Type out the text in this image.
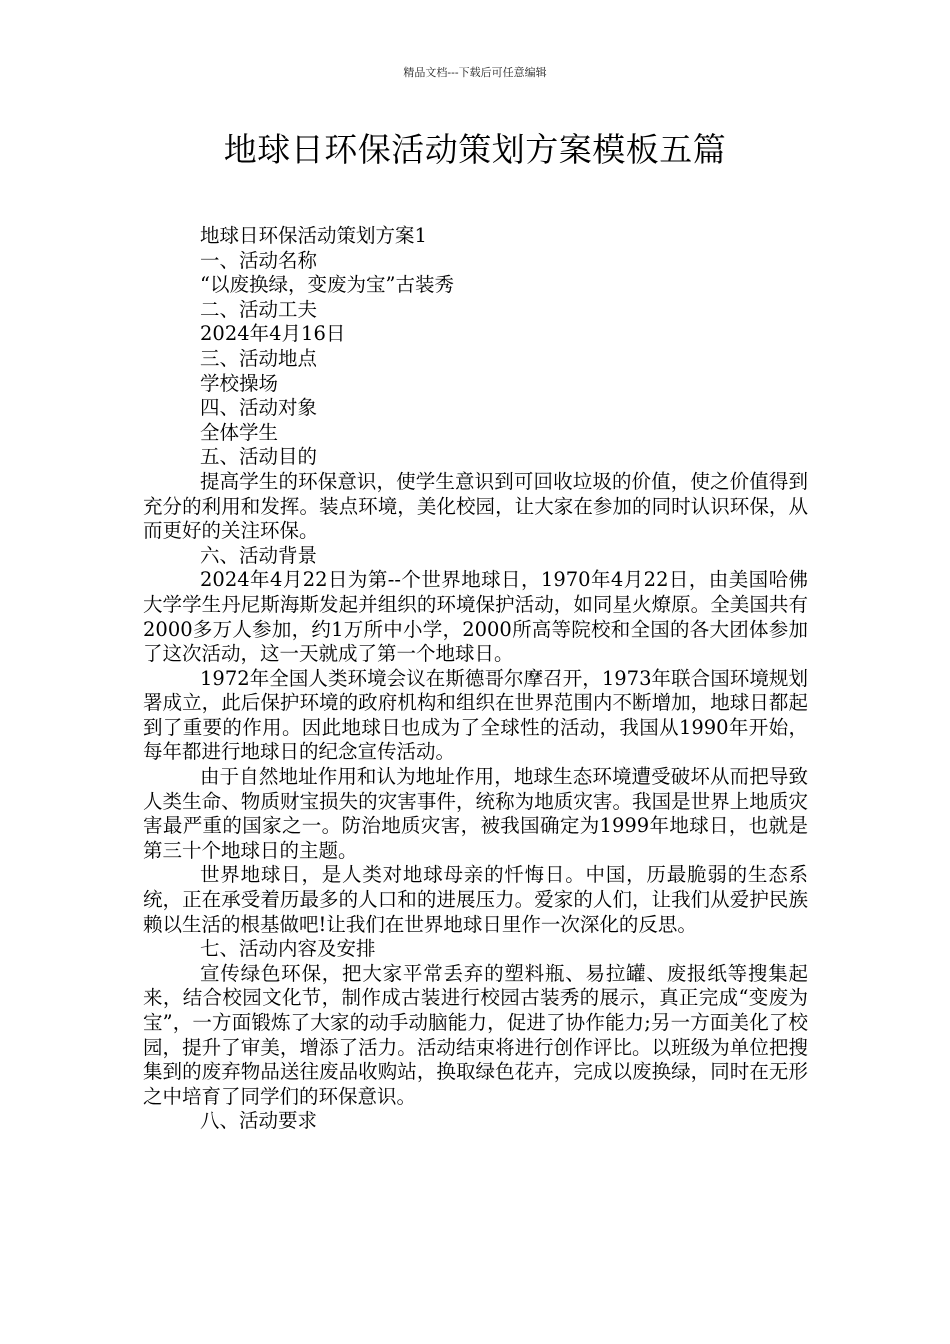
精品文档---下载后可任意编辑
地球日环保活动策划方案模板五篇

地球日环保活动策划方案1

一、活动名称

“以废换绿，变废为宝”古装秀

二、活动工夫

2024年4月16日

三、活动地点

学校操场

四、活动对象

全体学生

五、活动目的

提高学生的环保意识，使学生意识到可回收垃圾的价值，使之价值得到充分的利用和发挥。装点环境，美化校园，让大家在参加的同时认识环保，从而更好的关注环保。

六、活动背景

2024年4月22日为第--个世界地球日，1970年4月22日，由美国哈佛大学学生丹尼斯海斯发起并组织的环境保护活动，如同星火燎原。全美国共有2000多万人参加，约1万所中小学，2000所高等院校和全国的各大团体参加了这次活动，这一天就成了第一个地球日。

1972年全国人类环境会议在斯德哥尔摩召开，1973年联合国环境规划署成立，此后保护环境的政府机构和组织在世界范围内不断增加，地球日都起到了重要的作用。因此地球日也成为了全球性的活动，我国从1990年开始，每年都进行地球日的纪念宣传活动。

由于自然地址作用和认为地址作用，地球生态环境遭受破坏从而把导致人类生命、物质财宝损失的灾害事件，统称为地质灾害。我国是世界上地质灾害最严重的国家之一。防治地质灾害，被我国确定为1999年地球日，也就是第三十个地球日的主题。

世界地球日，是人类对地球母亲的忏悔日。中国，历最脆弱的生态系统，正在承受着历最多的人口和的进展压力。爱家的人们，让我们从爱护民族赖以生活的根基做吧!让我们在世界地球日里作一次深化的反思。

七、活动内容及安排

宣传绿色环保，把大家平常丢弃的塑料瓶、易拉罐、废报纸等搜集起来，结合校园文化节，制作成古装进行校园古装秀的展示，真正完成“变废为宝”，一方面锻炼了大家的动手动脑能力，促进了协作能力;另一方面美化了校园，提升了审美，增添了活力。活动结束将进行创作评比。以班级为单位把搜集到的废弃物品送往废品收购站，换取绿色花卉，完成以废换绿，同时在无形之中培育了同学们的环保意识。

八、活动要求
